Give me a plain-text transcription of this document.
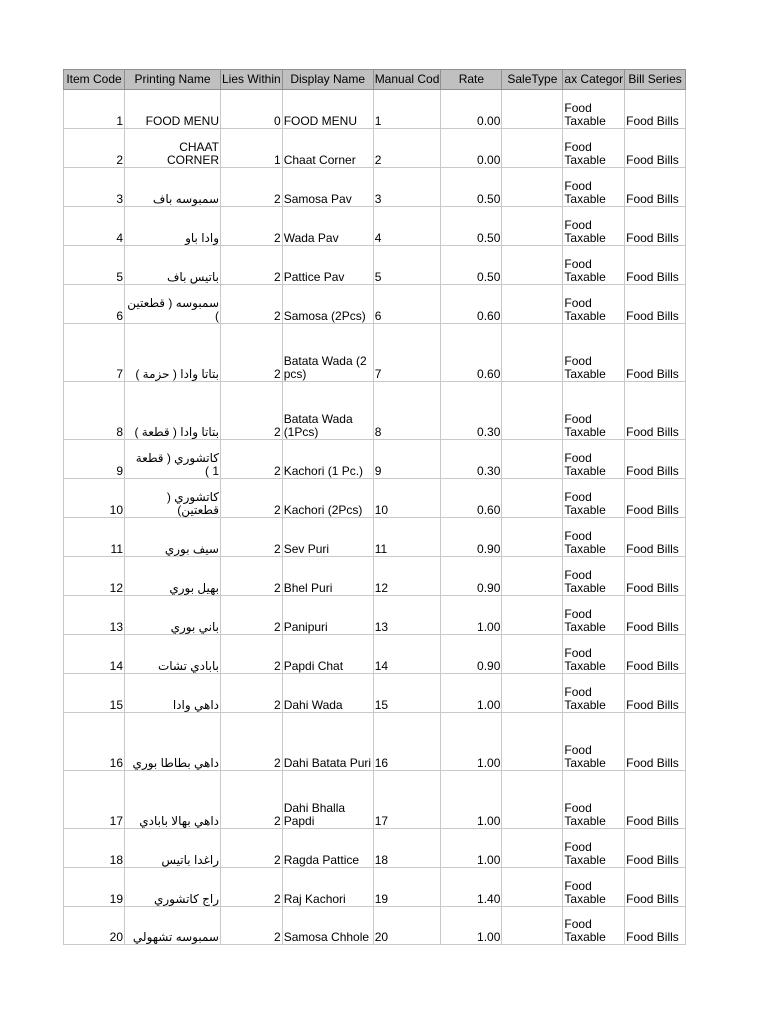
Item Code	Printing Name	Lies Within	Display Name	Manual Cod	Rate	SaleType	ax Categor	Bill Series
1	FOOD MENU	0	FOOD MENU	1	0.00		Food Taxable	Food Bills
2	CHAAT CORNER	1	Chaat Corner	2	0.00		Food Taxable	Food Bills
3	سمبوسه باف	2	Samosa Pav	3	0.50		Food Taxable	Food Bills
4	وادا باو	2	Wada Pav	4	0.50		Food Taxable	Food Bills
5	باتيس باف	2	Pattice Pav	5	0.50		Food Taxable	Food Bills
6	سمبوسه ( قطعتين )	2	Samosa (2Pcs)	6	0.60		Food Taxable	Food Bills
7	بتاتا وادا ( حزمة )	2	Batata Wada (2 pcs)	7	0.60		Food Taxable	Food Bills
8	بتاتا وادا ( قطعة )	2	Batata Wada (1Pcs)	8	0.30		Food Taxable	Food Bills
9	كاتشوري ( قطعة 1 )	2	Kachori (1 Pc.)	9	0.30		Food Taxable	Food Bills
10	كاتشوري ( قطعتين)	2	Kachori (2Pcs)	10	0.60		Food Taxable	Food Bills
11	سيف بوري	2	Sev Puri	11	0.90		Food Taxable	Food Bills
12	بهيل بوري	2	Bhel Puri	12	0.90		Food Taxable	Food Bills
13	باني بوري	2	Panipuri	13	1.00		Food Taxable	Food Bills
14	بابادي تشات	2	Papdi Chat	14	0.90		Food Taxable	Food Bills
15	داهي وادا	2	Dahi Wada	15	1.00		Food Taxable	Food Bills
16	داهي بطاطا بوري	2	Dahi Batata Puri	16	1.00		Food Taxable	Food Bills
17	داهي بهالا بابادي	2	Dahi Bhalla Papdi	17	1.00		Food Taxable	Food Bills
18	راغدا باتيس	2	Ragda Pattice	18	1.00		Food Taxable	Food Bills
19	راج كاتشوري	2	Raj Kachori	19	1.40		Food Taxable	Food Bills
20	سمبوسه تشهولي	2	Samosa Chhole	20	1.00		Food Taxable	Food Bills
